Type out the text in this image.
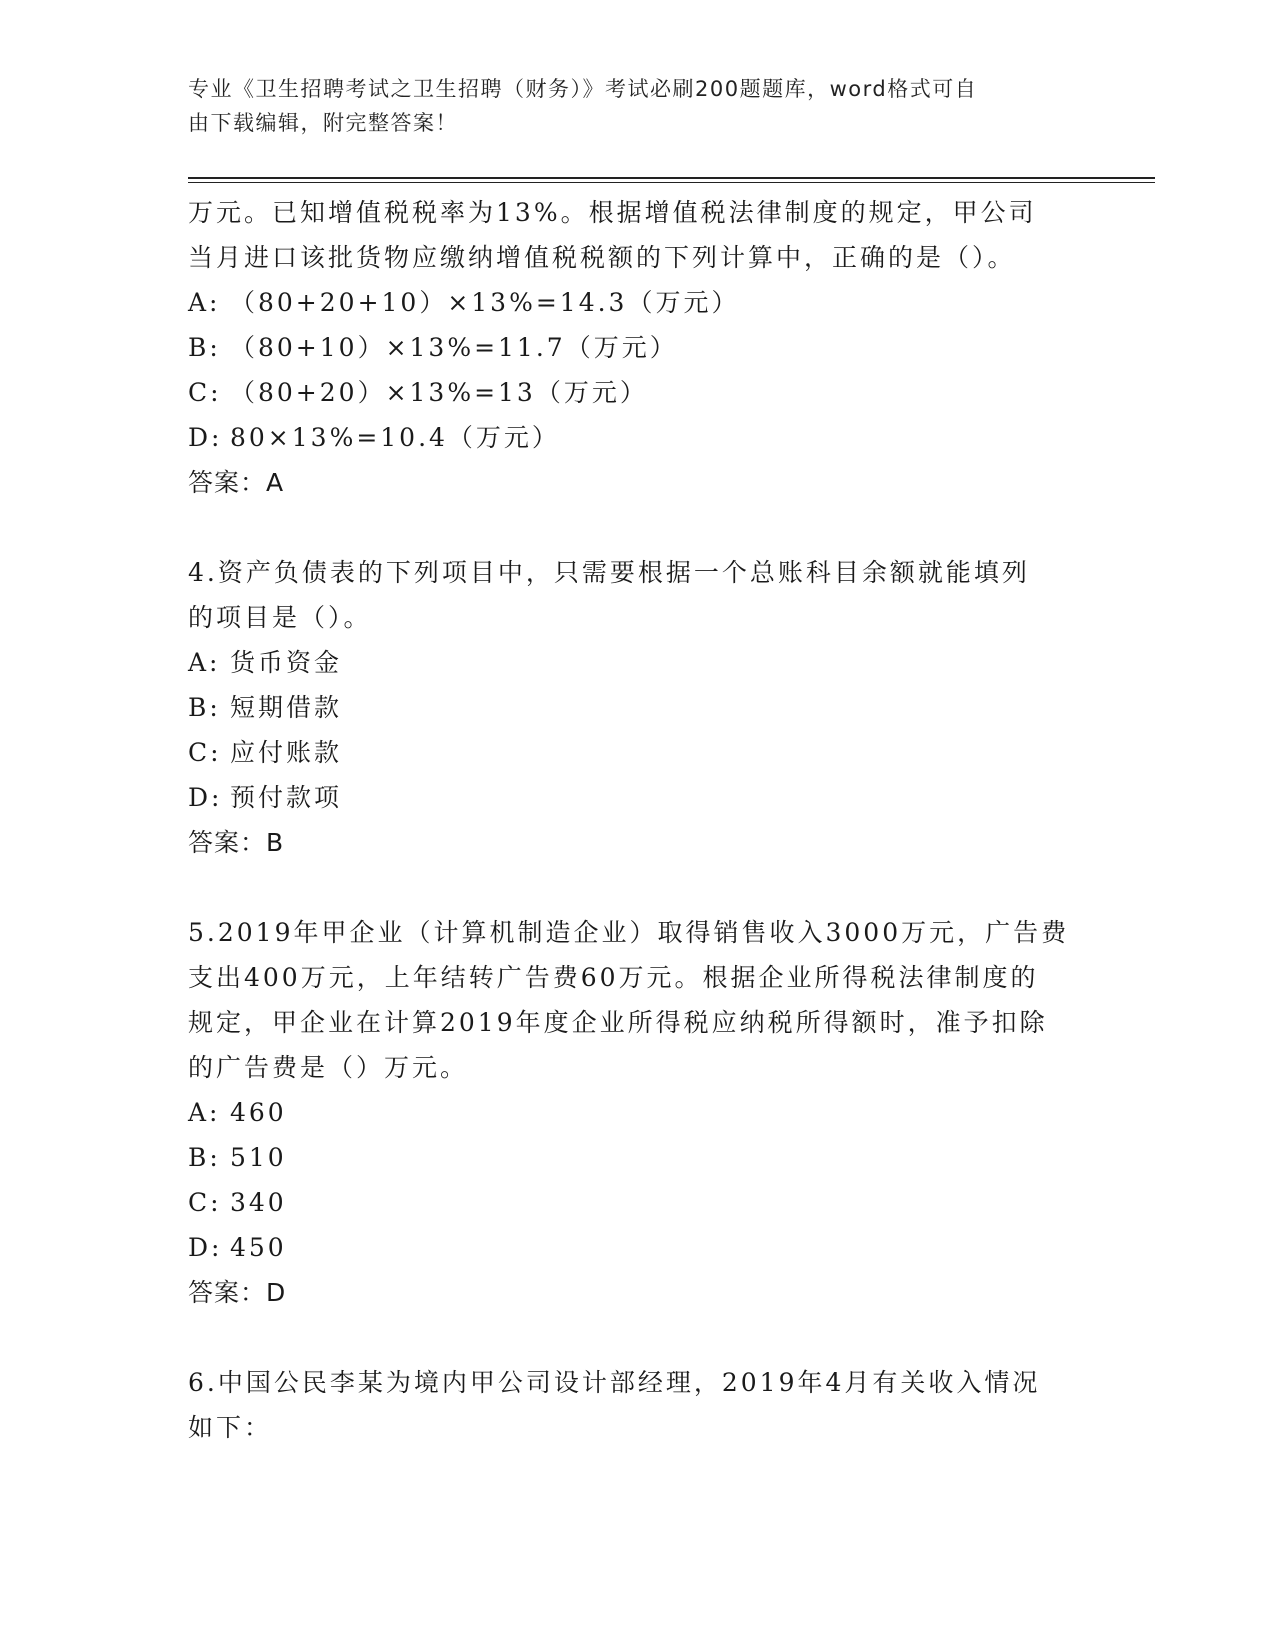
专业《卫生招聘考试之卫生招聘（财务）》考试必刷200题题库，word格式可自
由下载编辑，附完整答案！

万元。已知增值税税率为13%。根据增值税法律制度的规定，甲公司

当月进口该批货物应缴纳增值税税额的下列计算中，正确的是（）。

A: （80+20+10）×13%=14.3（万元）

B: （80+10）×13%=11.7（万元）

C: （80+20）×13%=13（万元）

D: 80×13%=10.4（万元）

答案：A

4.资产负债表的下列项目中，只需要根据一个总账科目余额就能填列

的项目是（）。

A: 货币资金

B: 短期借款

C: 应付账款

D: 预付款项

答案：B

5.2019年甲企业（计算机制造企业）取得销售收入3000万元，广告费

支出400万元，上年结转广告费60万元。根据企业所得税法律制度的

规定，甲企业在计算2019年度企业所得税应纳税所得额时，准予扣除

的广告费是（）万元。

A: 460

B: 510

C: 340

D: 450

答案：D

6.中国公民李某为境内甲公司设计部经理，2019年4月有关收入情况

如下：
